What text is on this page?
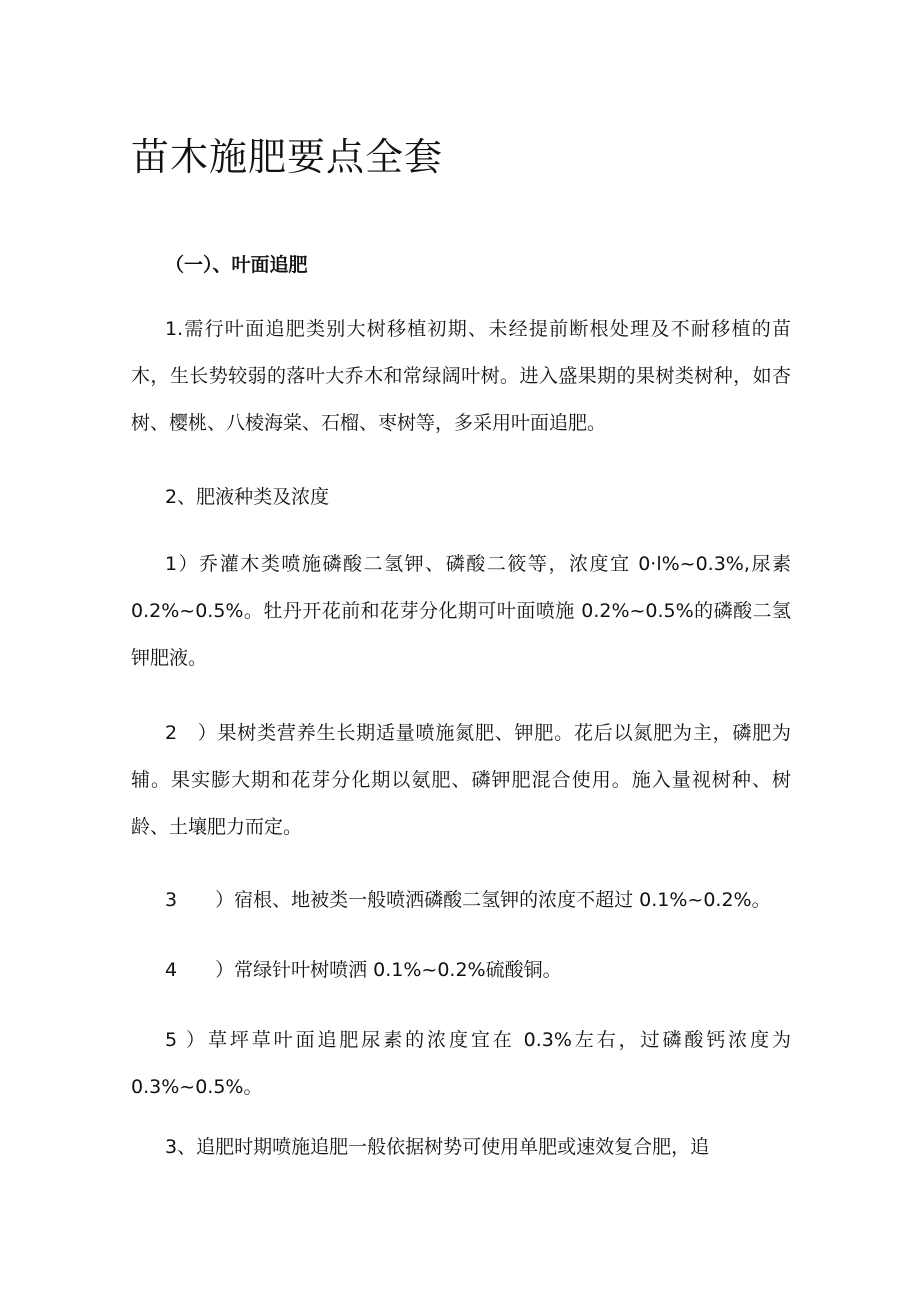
苗木施肥要点全套
（一）、叶面追肥

1.需行叶面追肥类别大树移植初期、未经提前断根处理及不耐移植的苗木，生长势较弱的落叶大乔木和常绿阔叶树。进入盛果期的果树类树种，如杏树、樱桃、八棱海棠、石榴、枣树等，多采用叶面追肥。

2、肥液种类及浓度

1）乔灌木类喷施磷酸二氢钾、磷酸二筱等，浓度宜 0·l%~0.3%,尿素0.2%~0.5%。牡丹开花前和花芽分化期可叶面喷施 0.2%~0.5%的磷酸二氢钾肥液。

2　）果树类营养生长期适量喷施氮肥、钾肥。花后以氮肥为主，磷肥为辅。果实膨大期和花芽分化期以氨肥、磷钾肥混合使用。施入量视树种、树龄、土壤肥力而定。

3　　）宿根、地被类一般喷洒磷酸二氢钾的浓度不超过 0.1%~0.2%。

4　　）常绿针叶树喷洒 0.1%~0.2%硫酸铜。

5 ）草坪草叶面追肥尿素的浓度宜在 0.3%左右，过磷酸钙浓度为0.3%~0.5%。

3、追肥时期喷施追肥一般依据树势可使用单肥或速效复合肥，追
